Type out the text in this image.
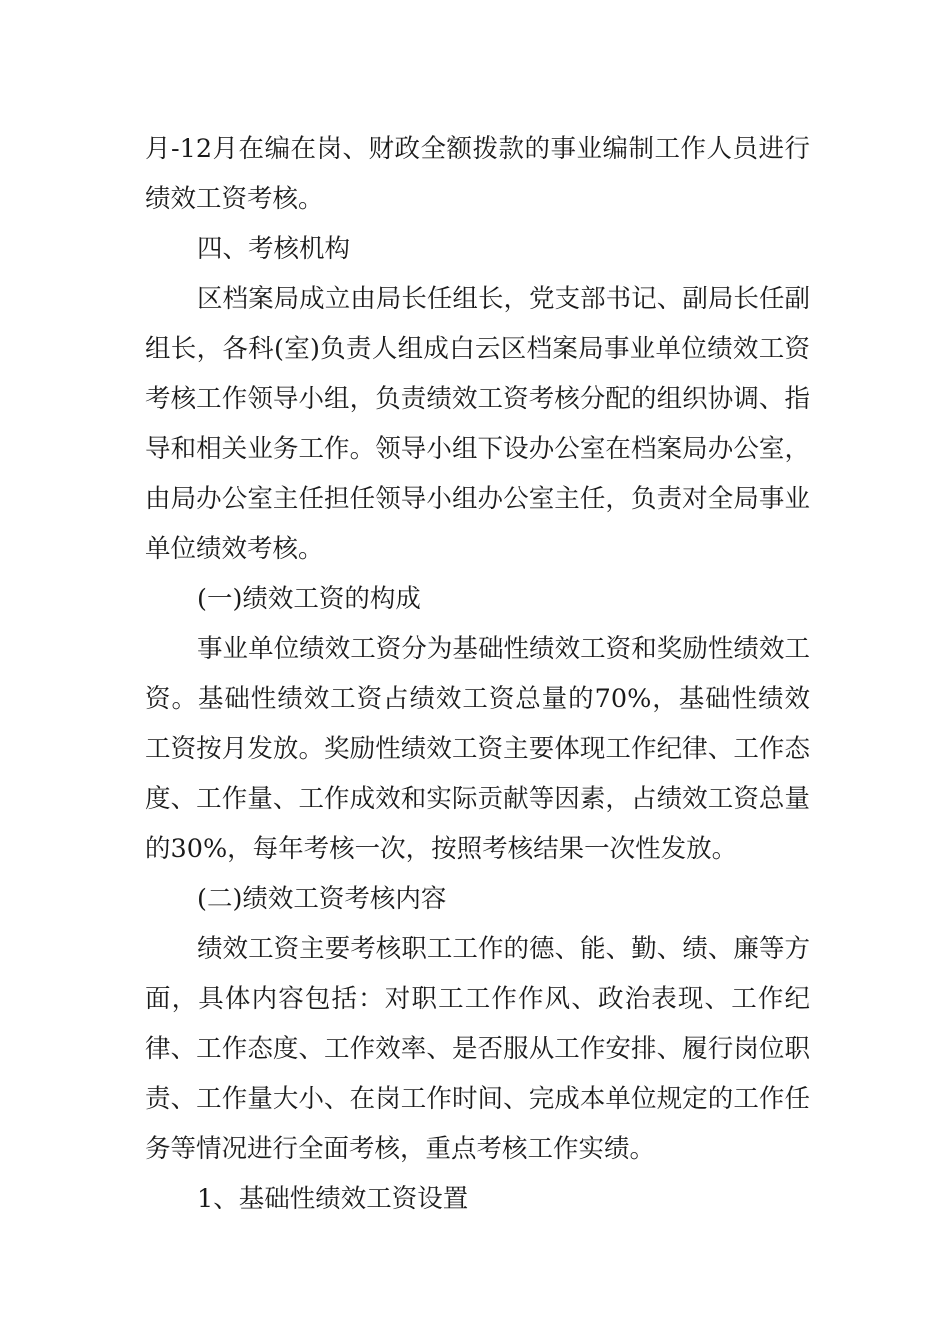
月-12月在编在岗、财政全额拨款的事业编制工作人员进行绩效工资考核。

四、考核机构

区档案局成立由局长任组长，党支部书记、副局长任副组长，各科(室)负责人组成白云区档案局事业单位绩效工资考核工作领导小组，负责绩效工资考核分配的组织协调、指导和相关业务工作。领导小组下设办公室在档案局办公室，由局办公室主任担任领导小组办公室主任，负责对全局事业单位绩效考核。

(一)绩效工资的构成

事业单位绩效工资分为基础性绩效工资和奖励性绩效工资。基础性绩效工资占绩效工资总量的70%，基础性绩效工资按月发放。奖励性绩效工资主要体现工作纪律、工作态度、工作量、工作成效和实际贡献等因素，占绩效工资总量的30%，每年考核一次，按照考核结果一次性发放。

(二)绩效工资考核内容

绩效工资主要考核职工工作的德、能、勤、绩、廉等方面，具体内容包括：对职工工作作风、政治表现、工作纪律、工作态度、工作效率、是否服从工作安排、履行岗位职责、工作量大小、在岗工作时间、完成本单位规定的工作任务等情况进行全面考核，重点考核工作实绩。

1、基础性绩效工资设置
